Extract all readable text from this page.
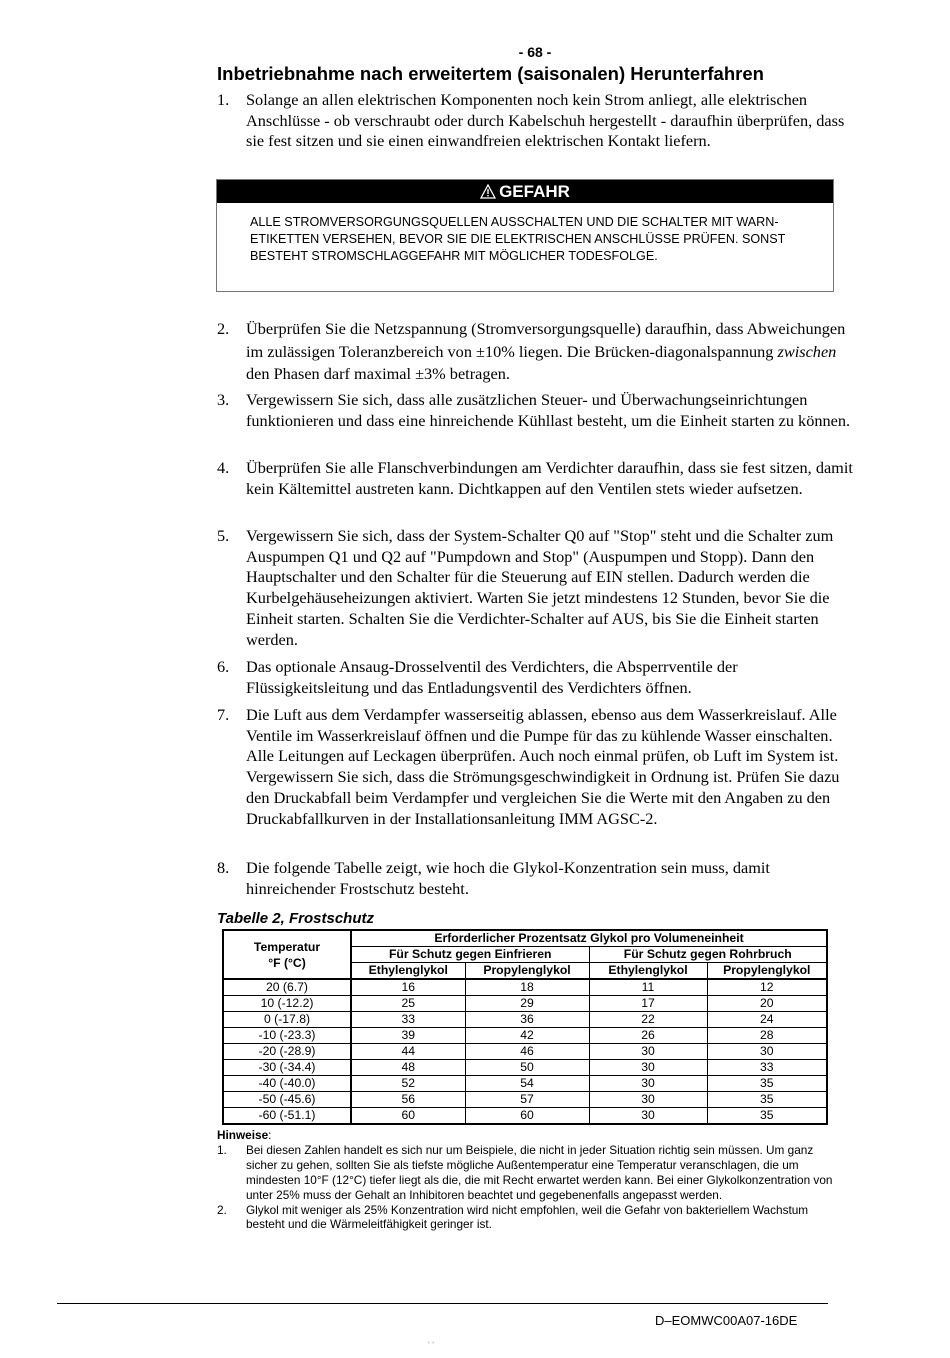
- 68 -
Inbetriebnahme nach erweitertem (saisonalen) Herunterfahren
1. Solange an allen elektrischen Komponenten noch kein Strom anliegt, alle elektrischen Anschlüsse - ob verschraubt oder durch Kabelschuh hergestellt - daraufhin überprüfen, dass sie fest sitzen und sie einen einwandfreien elektrischen Kontakt liefern.
GEFAHR
ALLE STROMVERSORGUNGSQUELLEN AUSSCHALTEN UND DIE SCHALTER MIT WARN-ETIKETTEN VERSEHEN, BEVOR SIE DIE ELEKTRISCHEN ANSCHLÜSSE PRÜFEN. SONST BESTEHT STROMSCHLAGGEFAHR MIT MÖGLICHER TODESFOLGE.
2. Überprüfen Sie die Netzspannung (Stromversorgungsquelle) daraufhin, dass Abweichungen im zulässigen Toleranzbereich von ±10% liegen. Die Brücken-diagonalspannung zwischen den Phasen darf maximal ±3% betragen.
3. Vergewissern Sie sich, dass alle zusätzlichen Steuer- und Überwachungseinrichtungen funktionieren und dass eine hinreichende Kühllast besteht, um die Einheit starten zu können.
4. Überprüfen Sie alle Flanschverbindungen am Verdichter daraufhin, dass sie fest sitzen, damit kein Kältemittel austreten kann. Dichtkappen auf den Ventilen stets wieder aufsetzen.
5. Vergewissern Sie sich, dass der System-Schalter Q0 auf "Stop" steht und die Schalter zum Auspumpen Q1 und Q2 auf "Pumpdown and Stop" (Auspumpen und Stopp). Dann den Hauptschalter und den Schalter für die Steuerung auf EIN stellen. Dadurch werden die Kurbelgehäuseheizungen aktiviert. Warten Sie jetzt mindestens 12 Stunden, bevor Sie die Einheit starten. Schalten Sie die Verdichter-Schalter auf AUS, bis Sie die Einheit starten werden.
6. Das optionale Ansaug-Drosselventil des Verdichters, die Absperrventile der Flüssigkeitsleitung und das Entladungsventil des Verdichters öffnen.
7. Die Luft aus dem Verdampfer wasserseitig ablassen, ebenso aus dem Wasserkreislauf. Alle Ventile im Wasserkreislauf öffnen und die Pumpe für das zu kühlende Wasser einschalten. Alle Leitungen auf Leckagen überprüfen. Auch noch einmal prüfen, ob Luft im System ist. Vergewissern Sie sich, dass die Strömungsgeschwindigkeit in Ordnung ist. Prüfen Sie dazu den Druckabfall beim Verdampfer und vergleichen Sie die Werte mit den Angaben zu den Druckabfallkurven in der Installationsanleitung IMM AGSC-2.
8. Die folgende Tabelle zeigt, wie hoch die Glykol-Konzentration sein muss, damit hinreichender Frostschutz besteht.
Tabelle 2, Frostschutz
Temperatur
°F (°C)	Erforderlicher Prozentsatz Glykol pro Volumeneinheit			
	Für Schutz gegen Einfrieren		Für Schutz gegen Rohrbruch	
	Ethylenglykol	Propylenglykol	Ethylenglykol	Propylenglykol
20 (6.7)	16	18	11	12
10 (-12.2)	25	29	17	20
0 (-17.8)	33	36	22	24
-10 (-23.3)	39	42	26	28
-20 (-28.9)	44	46	30	30
-30 (-34.4)	48	50	30	33
-40 (-40.0)	52	54	30	35
-50 (-45.6)	56	57	30	35
-60 (-51.1)	60	60	30	35
Hinweise:
1. Bei diesen Zahlen handelt es sich nur um Beispiele, die nicht in jeder Situation richtig sein müssen. Um ganz sicher zu gehen, sollten Sie als tiefste mögliche Außentemperatur eine Temperatur veranschlagen, die um mindesten 10°F (12°C) tiefer liegt als die, die mit Recht erwartet werden kann. Bei einer Glykolkonzentration von unter 25% muss der Gehalt an Inhibitoren beachtet und gegebenenfalls angepasst werden.
2. Glykol mit weniger als 25% Konzentration wird nicht empfohlen, weil die Gefahr von bakteriellem Wachstum besteht und die Wärmeleitfähigkeit geringer ist.
D–EOMWC00A07-16DE
' '
